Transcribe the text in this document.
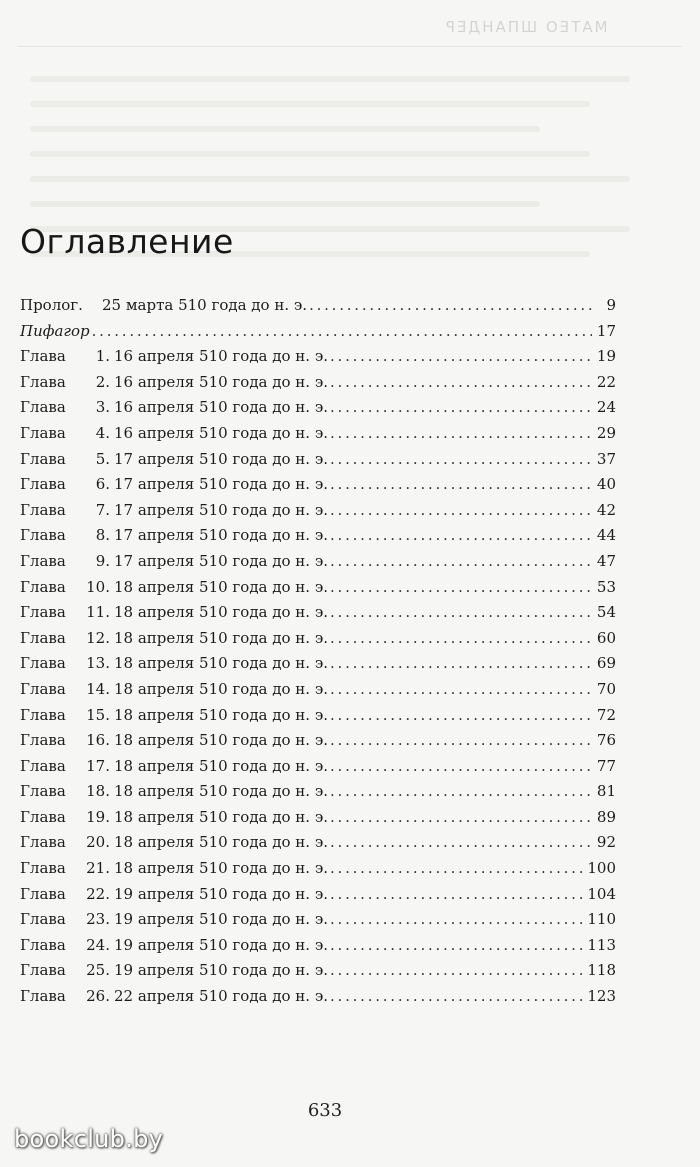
МАТЕО ШПАНДЕР
Оглавление
Пролог.	25 марта 510 года до н. э. . . .	9
Пифагор . . .	17
Глава	1. 16 апреля 510 года до н. э. . . .	19
Глава	2. 16 апреля 510 года до н. э. . . .	22
Глава	3. 16 апреля 510 года до н. э. . . .	24
Глава	4. 16 апреля 510 года до н. э. . . .	29
Глава	5. 17 апреля 510 года до н. э. . . .	37
Глава	6. 17 апреля 510 года до н. э. . . .	40
Глава	7. 17 апреля 510 года до н. э. . . .	42
Глава	8. 17 апреля 510 года до н. э. . . .	44
Глава	9. 17 апреля 510 года до н. э. . . .	47
Глава	10. 18 апреля 510 года до н. э. . . .	53
Глава	11. 18 апреля 510 года до н. э. . . .	54
Глава	12. 18 апреля 510 года до н. э. . . .	60
Глава	13. 18 апреля 510 года до н. э. . . .	69
Глава	14. 18 апреля 510 года до н. э. . . .	70
Глава	15. 18 апреля 510 года до н. э. . . .	72
Глава	16. 18 апреля 510 года до н. э. . . .	76
Глава	17. 18 апреля 510 года до н. э. . . .	77
Глава	18. 18 апреля 510 года до н. э. . . .	81
Глава	19. 18 апреля 510 года до н. э. . . .	89
Глава	20. 18 апреля 510 года до н. э. . . .	92
Глава	21. 18 апреля 510 года до н. э. . . .	100
Глава	22. 19 апреля 510 года до н. э. . . .	104
Глава	23. 19 апреля 510 года до н. э. . . .	110
Глава	24. 19 апреля 510 года до н. э. . . .	113
Глава	25. 19 апреля 510 года до н. э. . . .	118
Глава	26. 22 апреля 510 года до н. э. . . .	123
633
bookclub.by
